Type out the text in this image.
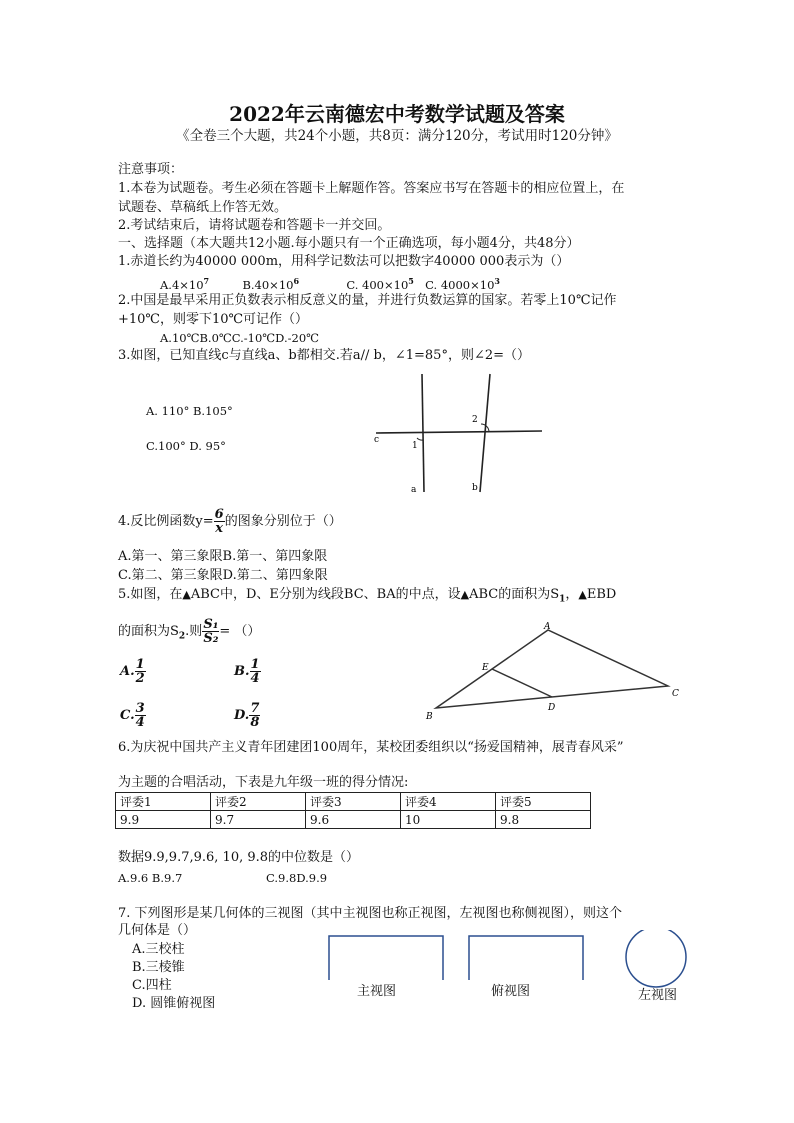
2022年云南德宏中考数学试题及答案
《全卷三个大题，共24个小题，共8页：满分120分，考试用时120分钟》
注意事项：
1.本卷为试题卷。考生必须在答题卡上解题作答。答案应书写在答题卡的相应位置上，在
试题卷、草稿纸上作答无效。
2.考试结束后，请将试题卷和答题卡一并交回。
一、选择题（本大题共12小题.每小题只有一个正确选项，每小题4分，共48分）
1.赤道长约为40000 000m，用科学记数法可以把数字40000 000表示为（）
$A.4\times 10^7$	$B.40\times 10^6$	C. $400\times 10^5$ C. $4000\times 10^3$
2.中国是最早采用正负数表示相反意义的量，并进行负数运算的国家。若零上10℃记作
+10℃，则零下10℃可记作（）
A.10℃B.0℃C.-10℃D.-20℃
3.如图，已知直线c与直线a、b都相交.若a// b，∠1=85°，则∠2=（）
A. 110° B.105°
C.100° D. 95°	c
1
2
a	b
4.反比例函数$y= \frac{6}{x}$ 的图象分别位于（）
A.第一、第三象限B.第一、第四象限
C.第二、第三象限D.第二、第四象限
5.如图，在▲ABC中，D、E分别为线段BC、BA的中点，设▲ABC的面积为$S_1$，▲EBD
的面积为$S_2$.则 $\frac{\text{S₁}}{\text{S₂}}$ = （）
A. $\frac{1}{2}$	B. $\frac{1}{4}$
C. $\frac{3}{4}$	D. $\frac{7}{8}$
A
B
C
D
E
6.为庆祝中国共产主义青年团建团100周年，某校团委组织以“扬爱国精神，展青春风采”
为主题的合唱活动，下表是九年级一班的得分情况:
评委1	评委2	评委3	评委4	评委5
9.9	9.7	9.6	10	9.8
数据9.9,9.7,9.6, 10, 9.8的中位数是（）
A.9.6 B.9.7	C.9.8D.9.9
7. 下列图形是某几何体的三视图（其中主视图也称正视图，左视图也称侧视图），则这个
几何体是（）
A.三校柱
B.三棱锥
C.四柱
D. 圆锥俯视图
主视图	俯视图	左视图
